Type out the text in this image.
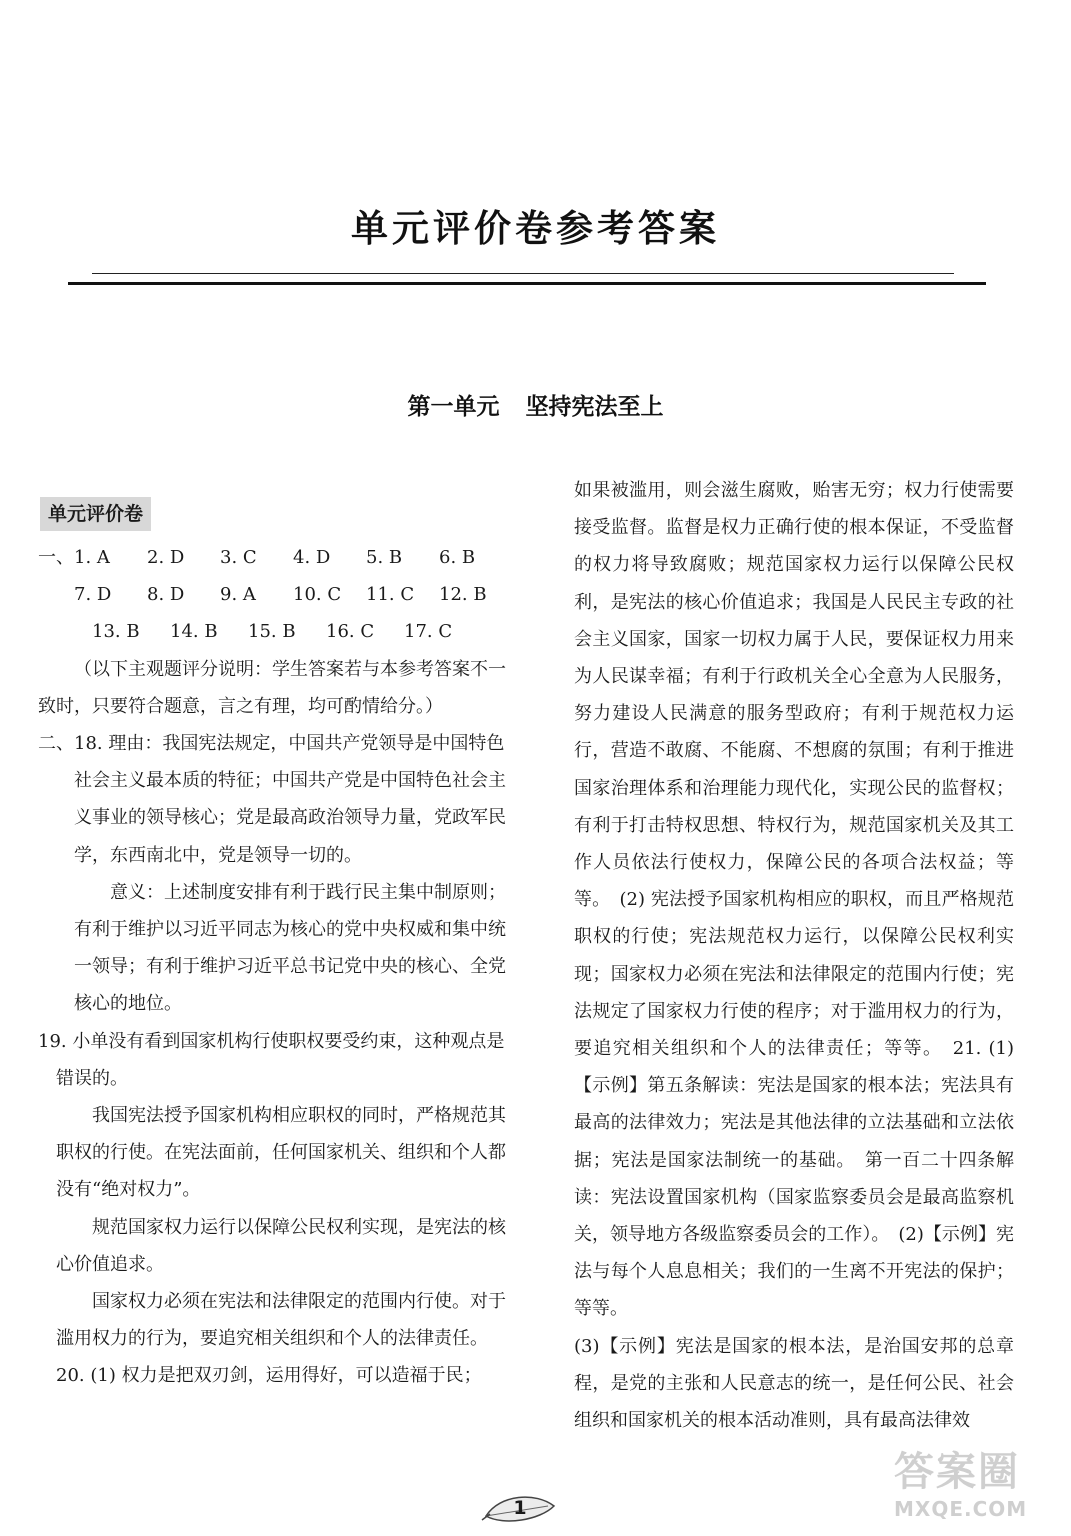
单元评价卷参考答案
第一单元 坚持宪法至上
单元评价卷
一、 1. A	2. D	3. C	4. D	5. B	6. B
7. D	8. D	9. A	10. C	11. C	12. B
13. B	14. B	15. B	16. C	17. C

（以下主观题评分说明：学生答案若与本参考答案不一致时，只要符合题意，言之有理，均可酌情给分。）

二、18. 理由：我国宪法规定，中国共产党领导是中国特色社会主义最本质的特征；中国共产党是中国特色社会主义事业的领导核心；党是最高政治领导力量，党政军民学，东西南北中，党是领导一切的。

意义：上述制度安排有利于践行民主集中制原则；有利于维护以习近平同志为核心的党中央权威和集中统一领导；有利于维护习近平总书记党中央的核心、全党核心的地位。

19. 小单没有看到国家机构行使职权要受约束，这种观点是错误的。

我国宪法授予国家机构相应职权的同时，严格规范其职权的行使。在宪法面前，任何国家机关、组织和个人都没有“绝对权力”。

规范国家权力运行以保障公民权利实现，是宪法的核心价值追求。

国家权力必须在宪法和法律限定的范围内行使。对于滥用权力的行为，要追究相关组织和个人的法律责任。

20. (1) 权力是把双刃剑，运用得好，可以造福于民；

如果被滥用，则会滋生腐败，贻害无穷；权力行使需要接受监督。监督是权力正确行使的根本保证，不受监督的权力将导致腐败；规范国家权力运行以保障公民权利，是宪法的核心价值追求；我国是人民民主专政的社会主义国家，国家一切权力属于人民，要保证权力用来为人民谋幸福；有利于行政机关全心全意为人民服务，努力建设人民满意的服务型政府；有利于规范权力运行，营造不敢腐、不能腐、不想腐的氛围；有利于推进国家治理体系和治理能力现代化，实现公民的监督权；有利于打击特权思想、特权行为，规范国家机关及其工作人员依法行使权力，保障公民的各项合法权益；等等。　(2) 宪法授予国家机构相应的职权，而且严格规范职权的行使；宪法规范权力运行，以保障公民权利实现；国家权力必须在宪法和法律限定的范围内行使；宪法规定了国家权力行使的程序；对于滥用权力的行为，要追究相关组织和个人的法律责任；等等。　21. (1)【示例】第五条解读：宪法是国家的根本法；宪法具有最高的法律效力；宪法是其他法律的立法基础和立法依据；宪法是国家法制统一的基础。　第一百二十四条解读：宪法设置国家机构（国家监察委员会是最高监察机关，领导地方各级监察委员会的工作）。　(2)【示例】宪法与每个人息息相关；我们的一生离不开宪法的保护；等等。

(3)【示例】宪法是国家的根本法，是治国安邦的总章程，是党的主张和人民意志的统一，是任何公民、社会组织和国家机关的根本活动准则，具有最高法律效

1
答案圈
MXQE.COM
